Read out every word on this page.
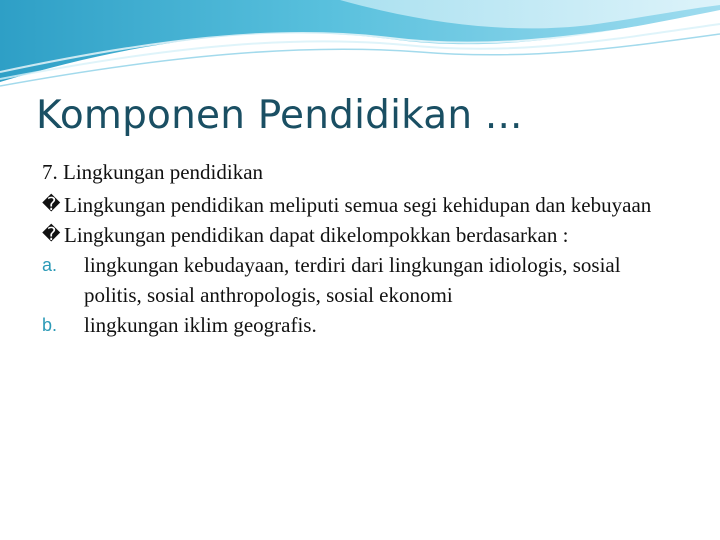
Komponen Pendidikan ...
7. Lingkungan pendidikan
� Lingkungan pendidikan meliputi semua segi kehidupan dan kebuyaan
� Lingkungan pendidikan dapat dikelompokkan berdasarkan :
a.	lingkungan kebudayaan, terdiri dari lingkungan idiologis, sosial politis, sosial anthropologis, sosial ekonomi
b.	lingkungan iklim geografis.
